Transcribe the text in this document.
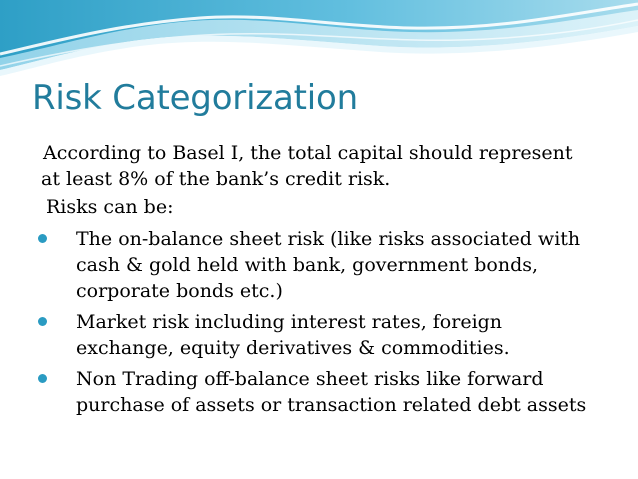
Risk Categorization

According to Basel I, the total capital should represent

at least 8% of the bank’s credit risk.

Risks can be:

The on-balance sheet risk (like risks associated with
cash & gold held with bank, government bonds,
corporate bonds etc.)
Market risk including interest rates, foreign
exchange, equity derivatives & commodities.
Non Trading off-balance sheet risks like forward
purchase of assets or transaction related debt assets
